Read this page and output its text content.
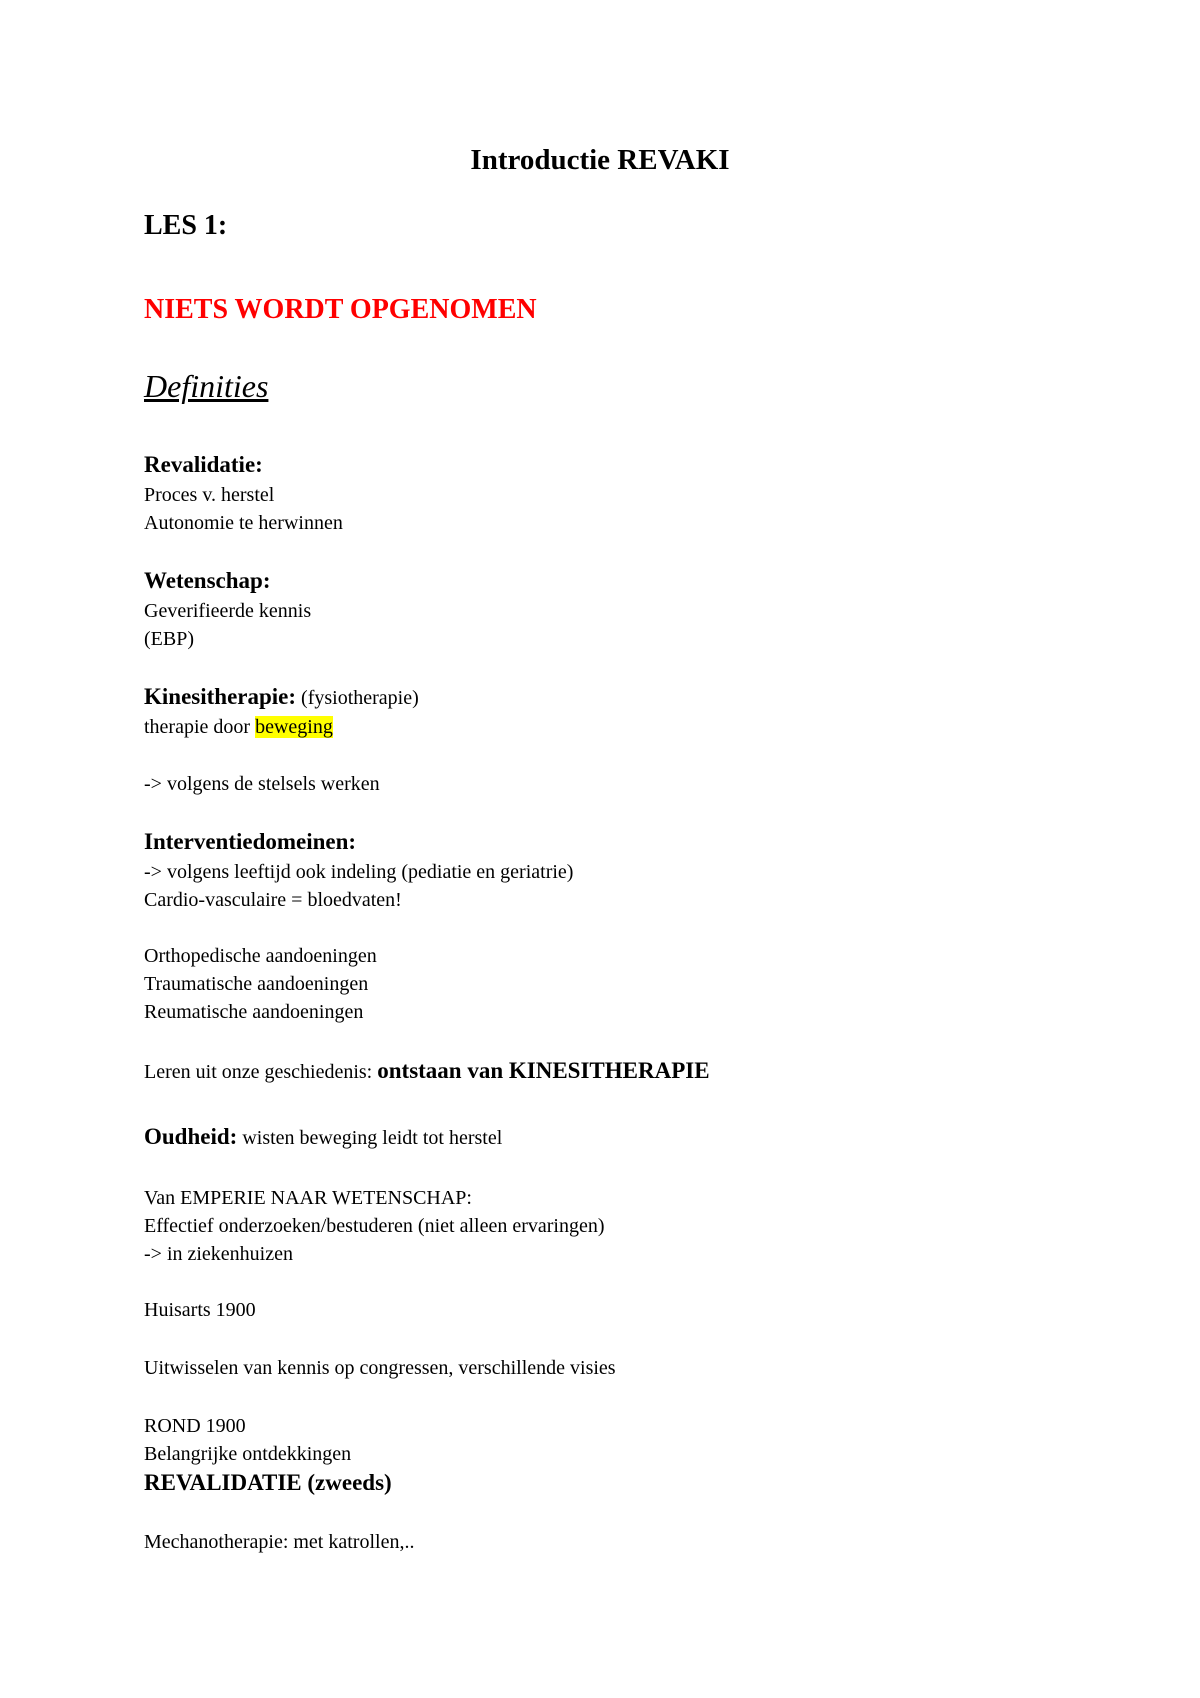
Introductie REVAKI
LES 1:
NIETS WORDT OPGENOMEN
Definities
Revalidatie:
Proces v. herstel
Autonomie te herwinnen
Wetenschap:
Geverifieerde kennis
(EBP)
Kinesitherapie: (fysiotherapie)
therapie door beweging
-> volgens de stelsels werken
Interventiedomeinen:
-> volgens leeftijd ook indeling (pediatie en geriatrie)
Cardio-vasculaire = bloedvaten!
Orthopedische aandoeningen
Traumatische aandoeningen
Reumatische aandoeningen
Leren uit onze geschiedenis: ontstaan van KINESITHERAPIE
Oudheid: wisten beweging leidt tot herstel
Van EMPERIE NAAR WETENSCHAP:
Effectief onderzoeken/bestuderen (niet alleen ervaringen)
-> in ziekenhuizen
Huisarts 1900
Uitwisselen van kennis op congressen, verschillende visies
ROND 1900
Belangrijke ontdekkingen
REVALIDATIE (zweeds)
Mechanotherapie: met katrollen,..
